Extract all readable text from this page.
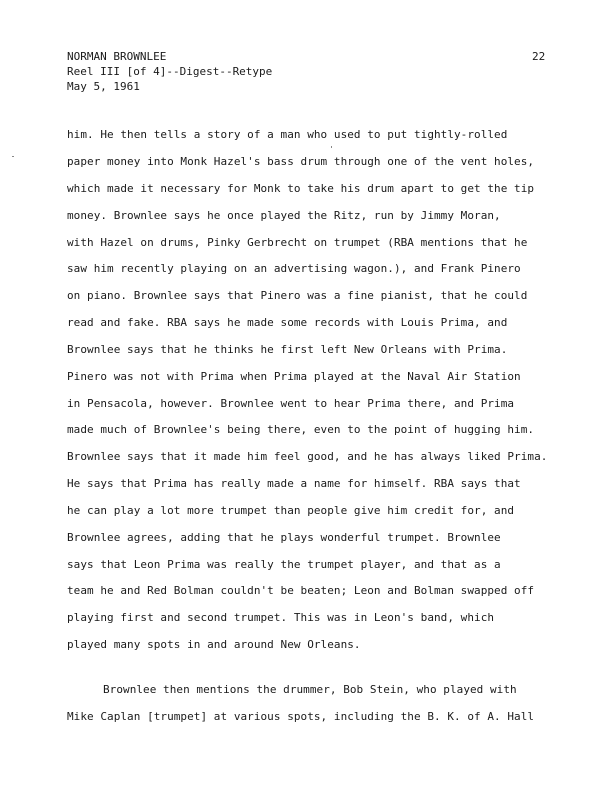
NORMAN BROWNLEE
Reel III [of 4]--Digest--Retype
May 5, 1961
22
him. He then tells a story of a man who used to put tightly-rolled
paper money into Monk Hazel's bass drum through one of the vent holes,
which made it necessary for Monk to take his drum apart to get the tip
money. Brownlee says he once played the Ritz, run by Jimmy Moran,
with Hazel on drums, Pinky Gerbrecht on trumpet (RBA mentions that he
saw him recently playing on an advertising wagon.), and Frank Pinero
on piano. Brownlee says that Pinero was a fine pianist, that he could
read and fake. RBA says he made some records with Louis Prima, and
Brownlee says that he thinks he first left New Orleans with Prima.
Pinero was not with Prima when Prima played at the Naval Air Station
in Pensacola, however. Brownlee went to hear Prima there, and Prima
made much of Brownlee's being there, even to the point of hugging him.
Brownlee says that it made him feel good, and he has always liked Prima.
He says that Prima has really made a name for himself. RBA says that
he can play a lot more trumpet than people give him credit for, and
Brownlee agrees, adding that he plays wonderful trumpet. Brownlee
says that Leon Prima was really the trumpet player, and that as a
team he and Red Bolman couldn't be beaten; Leon and Bolman swapped off
playing first and second trumpet. This was in Leon's band, which
played many spots in and around New Orleans.
Brownlee then mentions the drummer, Bob Stein, who played with
Mike Caplan [trumpet] at various spots, including the B. K. of A. Hall
